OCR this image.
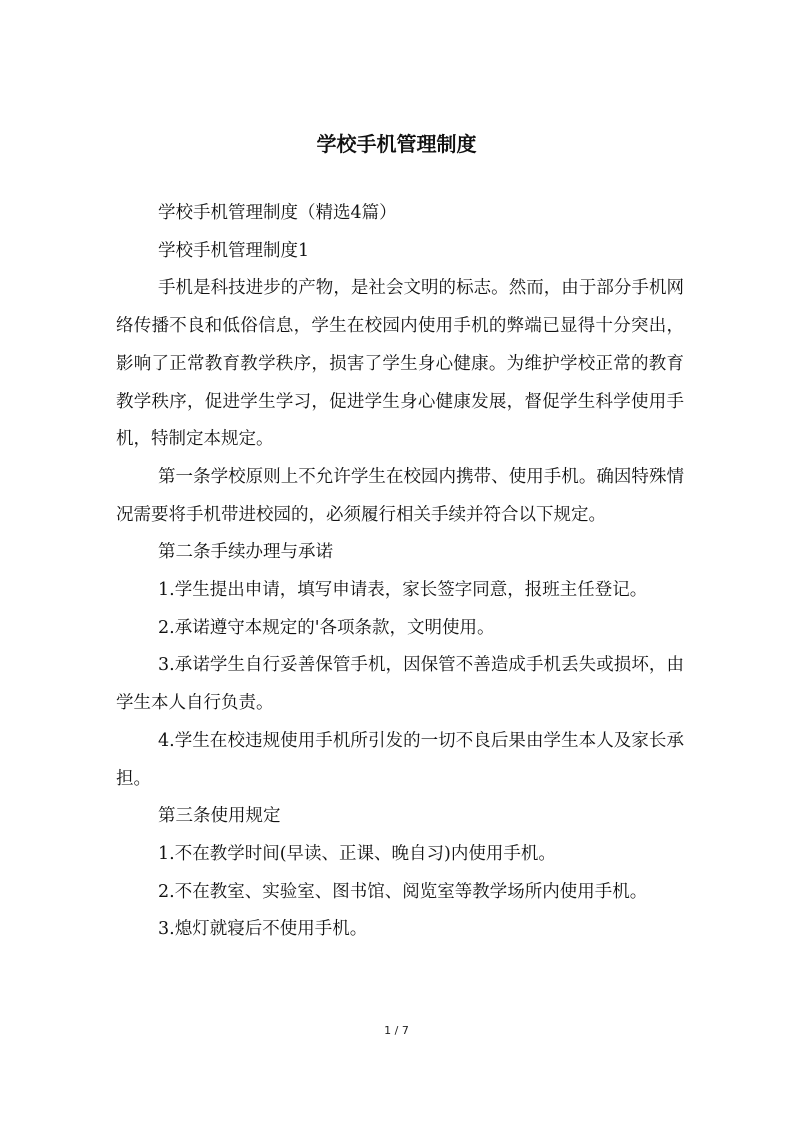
学校手机管理制度

学校手机管理制度（精选4篇）

学校手机管理制度1

手机是科技进步的产物，是社会文明的标志。然而，由于部分手机网络传播不良和低俗信息，学生在校园内使用手机的弊端已显得十分突出，影响了正常教育教学秩序，损害了学生身心健康。为维护学校正常的教育教学秩序，促进学生学习，促进学生身心健康发展，督促学生科学使用手机，特制定本规定。

第一条学校原则上不允许学生在校园内携带、使用手机。确因特殊情况需要将手机带进校园的，必须履行相关手续并符合以下规定。

第二条手续办理与承诺

1.学生提出申请，填写申请表，家长签字同意，报班主任登记。

2.承诺遵守本规定的'各项条款，文明使用。

3.承诺学生自行妥善保管手机，因保管不善造成手机丢失或损坏，由学生本人自行负责。

4.学生在校违规使用手机所引发的一切不良后果由学生本人及家长承担。

第三条使用规定

1.不在教学时间(早读、正课、晚自习)内使用手机。

2.不在教室、实验室、图书馆、阅览室等教学场所内使用手机。

3.熄灯就寝后不使用手机。

1 / 7
